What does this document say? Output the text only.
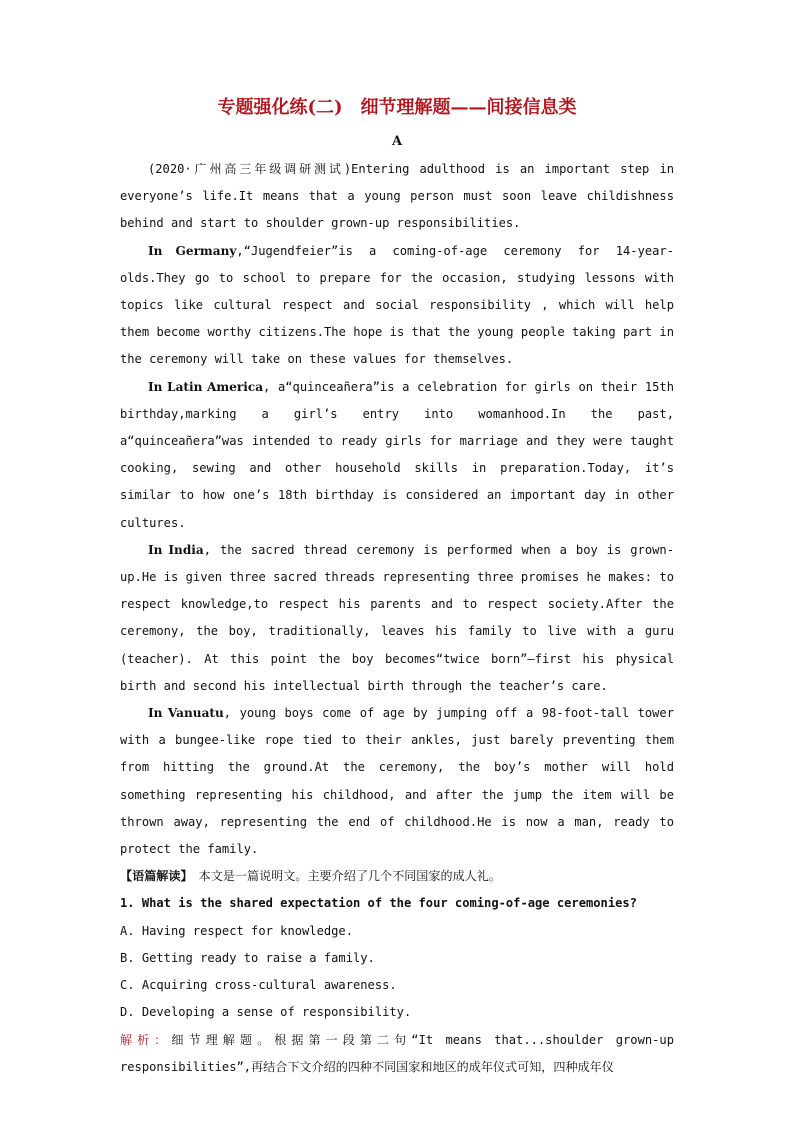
专题强化练(二)　细节理解题——间接信息类
A

(2020·广州高三年级调研测试)Entering adulthood is an important step in everyone’s life.It means that a young person must soon leave childishness behind and start to shoulder grown-up responsibilities.

In Germany,“Jugendfeier”is a coming-of-age ceremony for 14-year-olds.They go to school to prepare for the occasion, studying lessons with topics like cultural respect and social responsibility , which will help them become worthy citizens.The hope is that the young people taking part in the ceremony will take on these values for themselves.

In Latin America, a“quinceañera”is a celebration for girls on their 15th birthday,marking a girl’s entry into womanhood.In the past, a“quinceañera”was intended to ready girls for marriage and they were taught cooking, sewing and other household skills in preparation.Today, it’s similar to how one’s 18th birthday is considered an important day in other cultures.

In India, the sacred thread ceremony is performed when a boy is grown-up.He is given three sacred threads representing three promises he makes: to respect knowledge,to respect his parents and to respect society.After the ceremony, the boy, traditionally, leaves his family to live with a guru (teacher). At this point the boy becomes“twice born”—first his physical birth and second his intellectual birth through the teacher’s care.

In Vanuatu, young boys come of age by jumping off a 98-foot-tall tower with a bungee-like rope tied to their ankles, just barely preventing them from hitting the ground.At the ceremony, the boy’s mother will hold something representing his childhood, and after the jump the item will be thrown away, representing the end of childhood.He is now a man, ready to protect the family.

【语篇解读】　本文是一篇说明文。主要介绍了几个不同国家的成人礼。

1. What is the shared expectation of the four coming-of-age ceremonies?

A. Having respect for knowledge.

B. Getting ready to raise a family.

C. Acquiring cross-cultural awareness.

D. Developing a sense of responsibility.

解析：细节理解题。根据第一段第二句“It means that...shoulder grown-up responsibilities”,再结合下文介绍的四种不同国家和地区的成年仪式可知，四种成年仪
